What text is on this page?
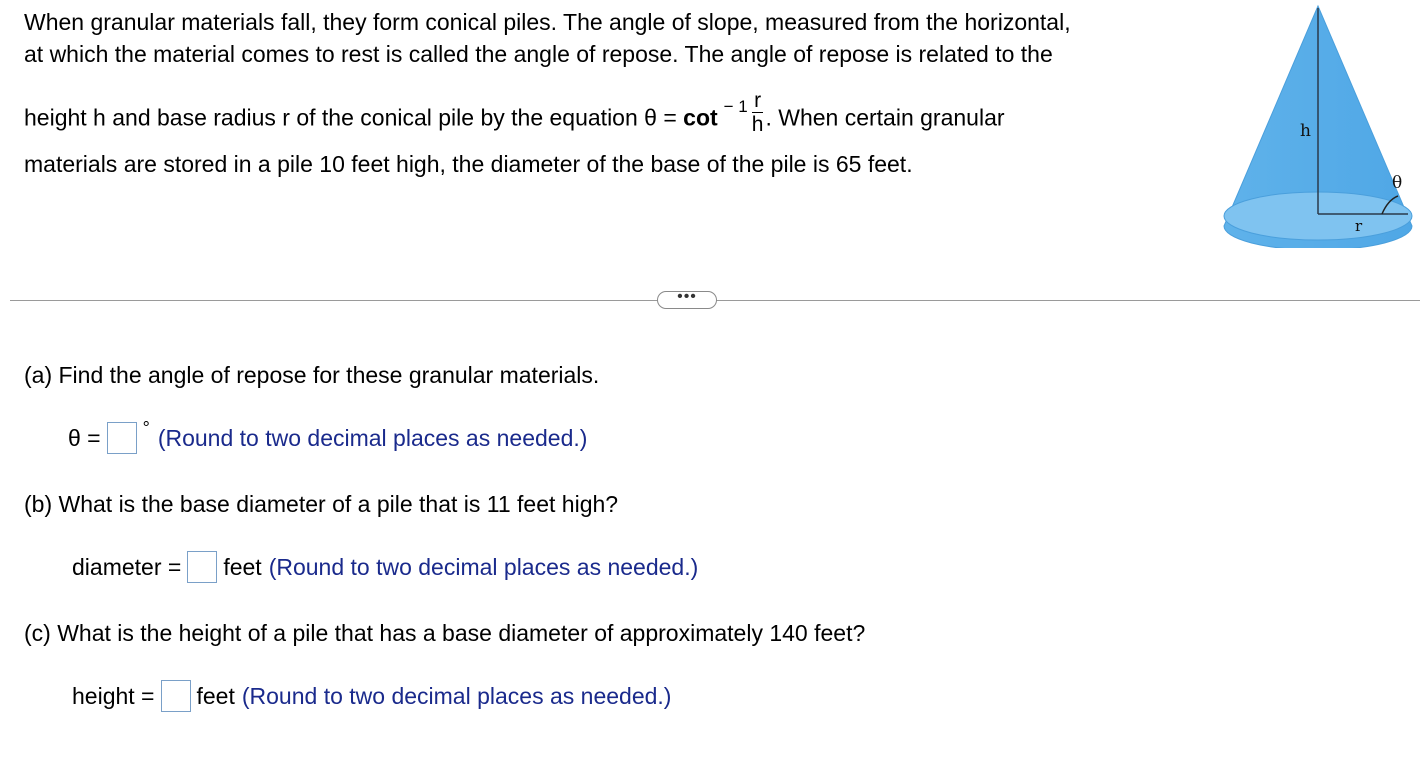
When granular materials fall, they form conical piles. The angle of slope, measured from the horizontal,
at which the material comes to rest is called the angle of repose. The angle of repose is related to the
height h and base radius r of the conical pile by the equation $\theta = \cot ^{- 1} \frac{r}{h}$ . When certain granular
materials are stored in a pile 10 feet high, the diameter of the base of the pile is 65 feet.
h
r
θ
•••
(a) Find the angle of repose for these granular materials.
θ = ° (Round to two decimal places as needed.)
(b) What is the base diameter of a pile that is 11 feet high?
diameter = feet (Round to two decimal places as needed.)
(c) What is the height of a pile that has a base diameter of approximately 140 feet?
height = feet (Round to two decimal places as needed.)
